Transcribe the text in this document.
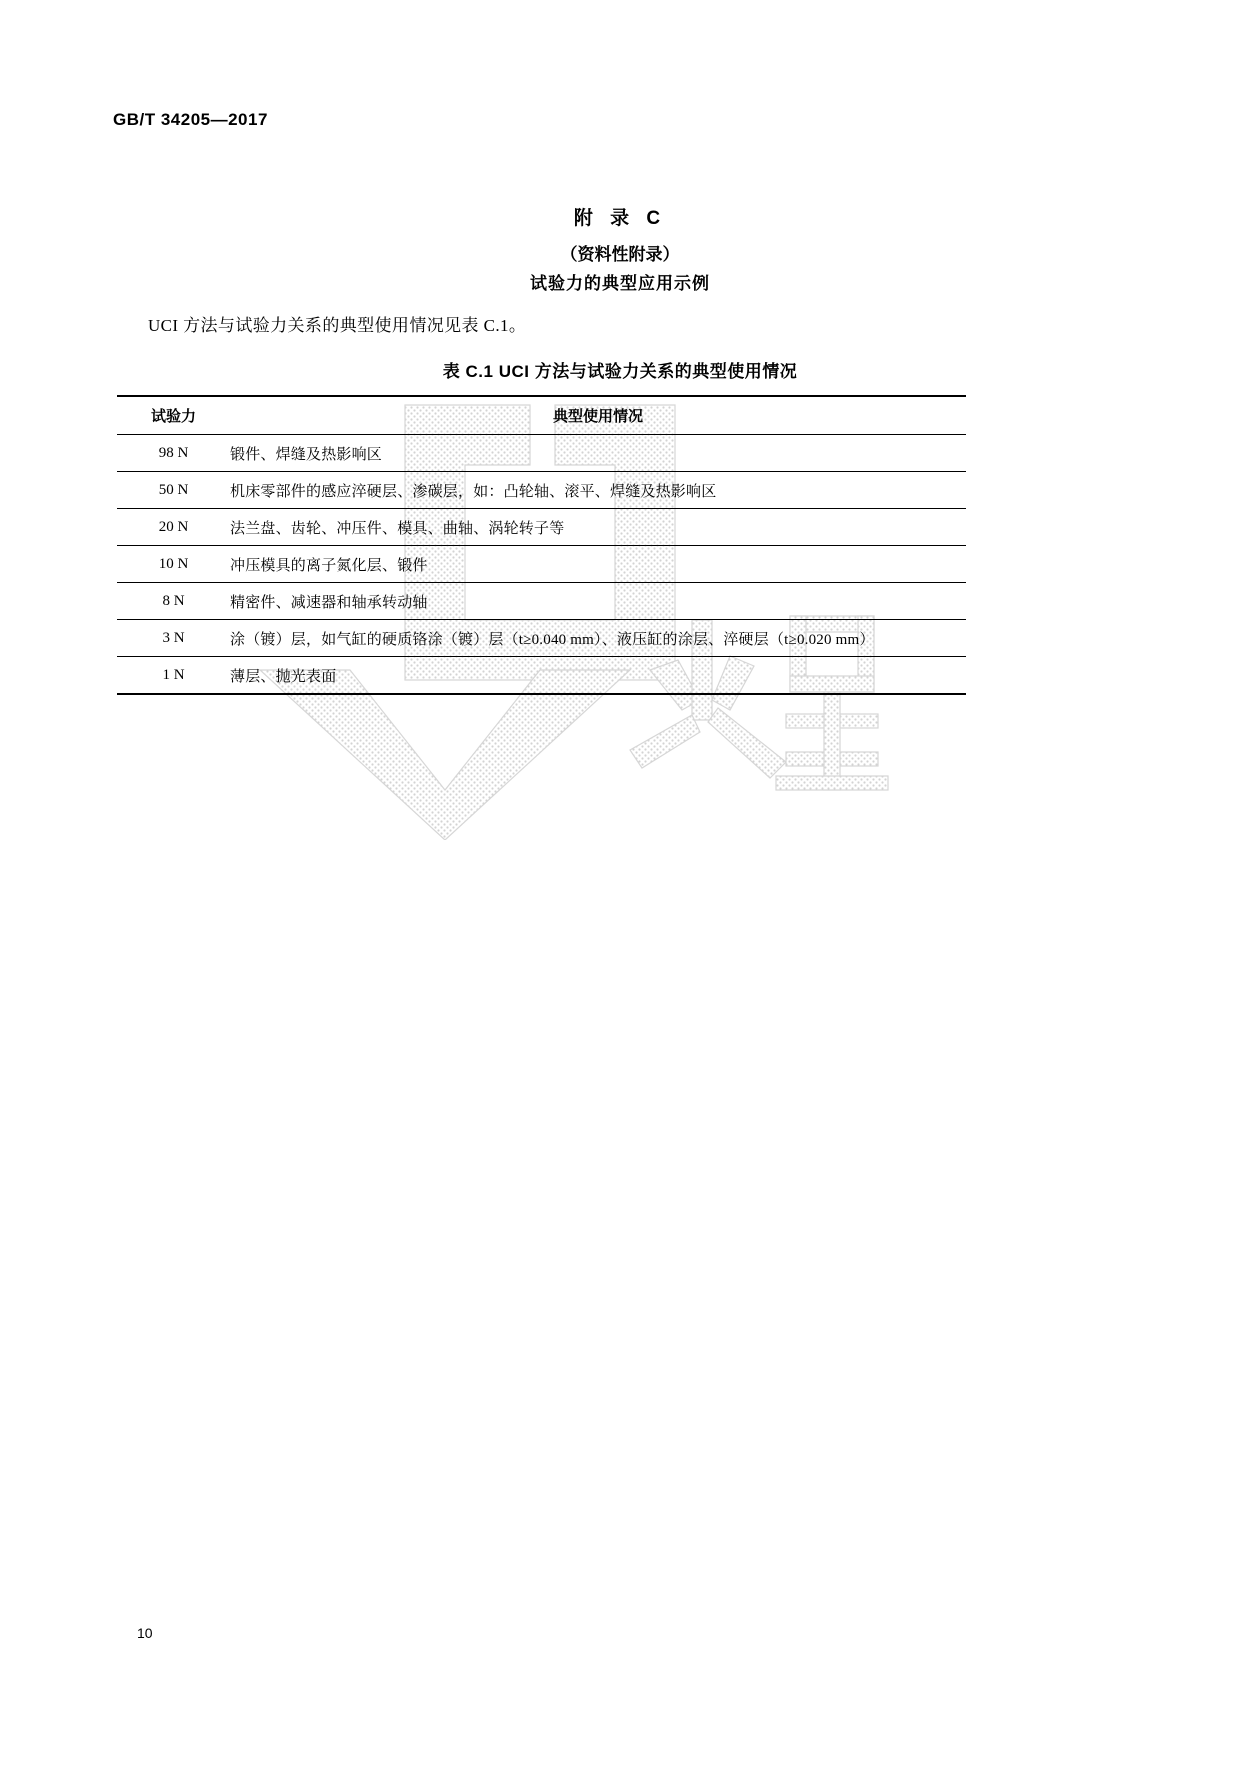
GB/T 34205—2017
附 录 C
（资料性附录）
试验力的典型应用示例
UCI 方法与试验力关系的典型使用情况见表 C.1。
表 C.1 UCI 方法与试验力关系的典型使用情况
试验力	典型使用情况
98 N	锻件、焊缝及热影响区
50 N	机床零部件的感应淬硬层、渗碳层，如：凸轮轴、滚平、焊缝及热影响区
20 N	法兰盘、齿轮、冲压件、模具、曲轴、涡轮转子等
10 N	冲压模具的离子氮化层、锻件
8 N	精密件、减速器和轴承转动轴
3 N	涂（镀）层，如气缸的硬质铬涂（镀）层（t≥0.040 mm）、液压缸的涂层、淬硬层（t≥0.020 mm）
1 N	薄层、抛光表面
10
